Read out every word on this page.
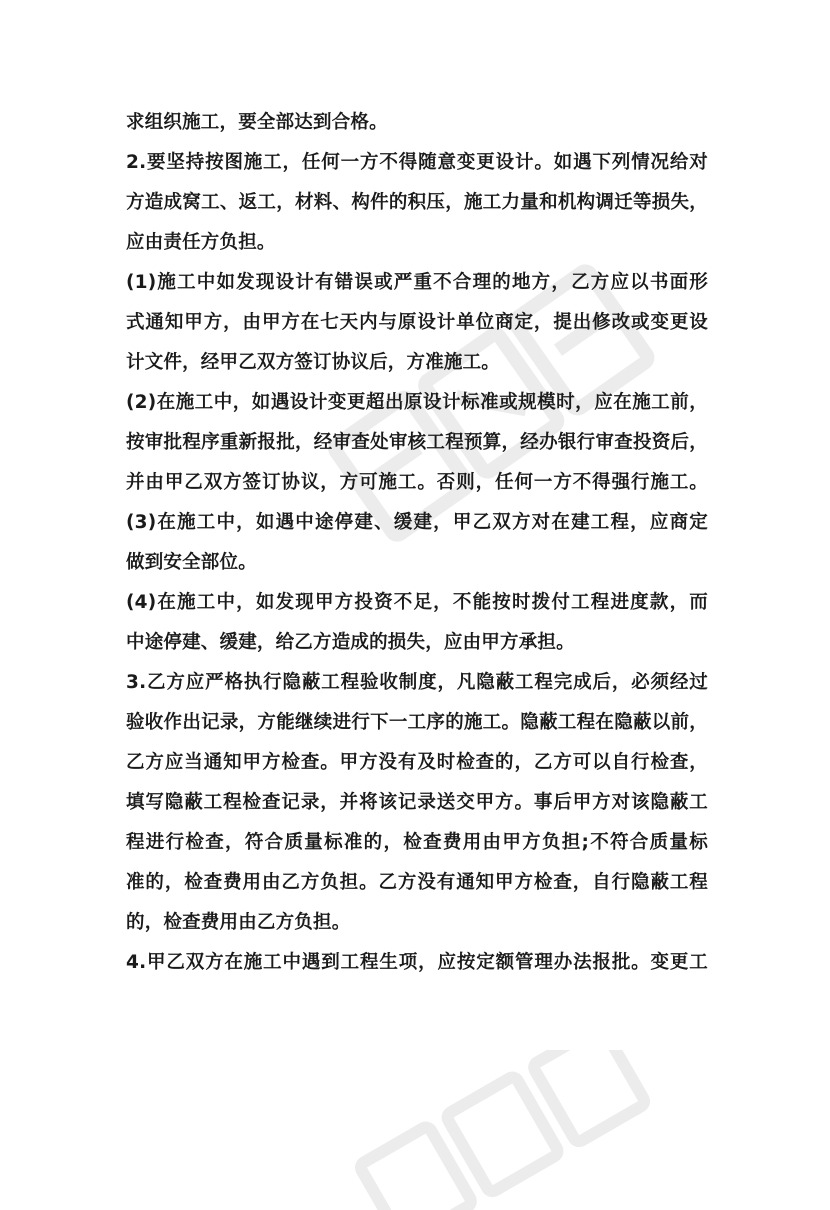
求组织施工，要全部达到合格。
2.要坚持按图施工，任何一方不得随意变更设计。如遇下列情况给对
方造成窝工、返工，材料、构件的积压，施工力量和机构调迁等损失，
应由责任方负担。
(1)施工中如发现设计有错误或严重不合理的地方，乙方应以书面形
式通知甲方，由甲方在七天内与原设计单位商定，提出修改或变更设
计文件，经甲乙双方签订协议后，方准施工。
(2)在施工中，如遇设计变更超出原设计标准或规模时，应在施工前，
按审批程序重新报批，经审查处审核工程预算，经办银行审查投资后，
并由甲乙双方签订协议，方可施工。否则，任何一方不得强行施工。
(3)在施工中，如遇中途停建、缓建，甲乙双方对在建工程，应商定
做到安全部位。
(4)在施工中，如发现甲方投资不足，不能按时拨付工程进度款，而
中途停建、缓建，给乙方造成的损失，应由甲方承担。
3.乙方应严格执行隐蔽工程验收制度，凡隐蔽工程完成后，必须经过
验收作出记录，方能继续进行下一工序的施工。隐蔽工程在隐蔽以前，
乙方应当通知甲方检查。甲方没有及时检查的，乙方可以自行检查，
填写隐蔽工程检查记录，并将该记录送交甲方。事后甲方对该隐蔽工
程进行检查，符合质量标准的，检查费用由甲方负担;不符合质量标
准的，检查费用由乙方负担。乙方没有通知甲方检查，自行隐蔽工程
的，检查费用由乙方负担。
4.甲乙双方在施工中遇到工程生项，应按定额管理办法报批。变更工
